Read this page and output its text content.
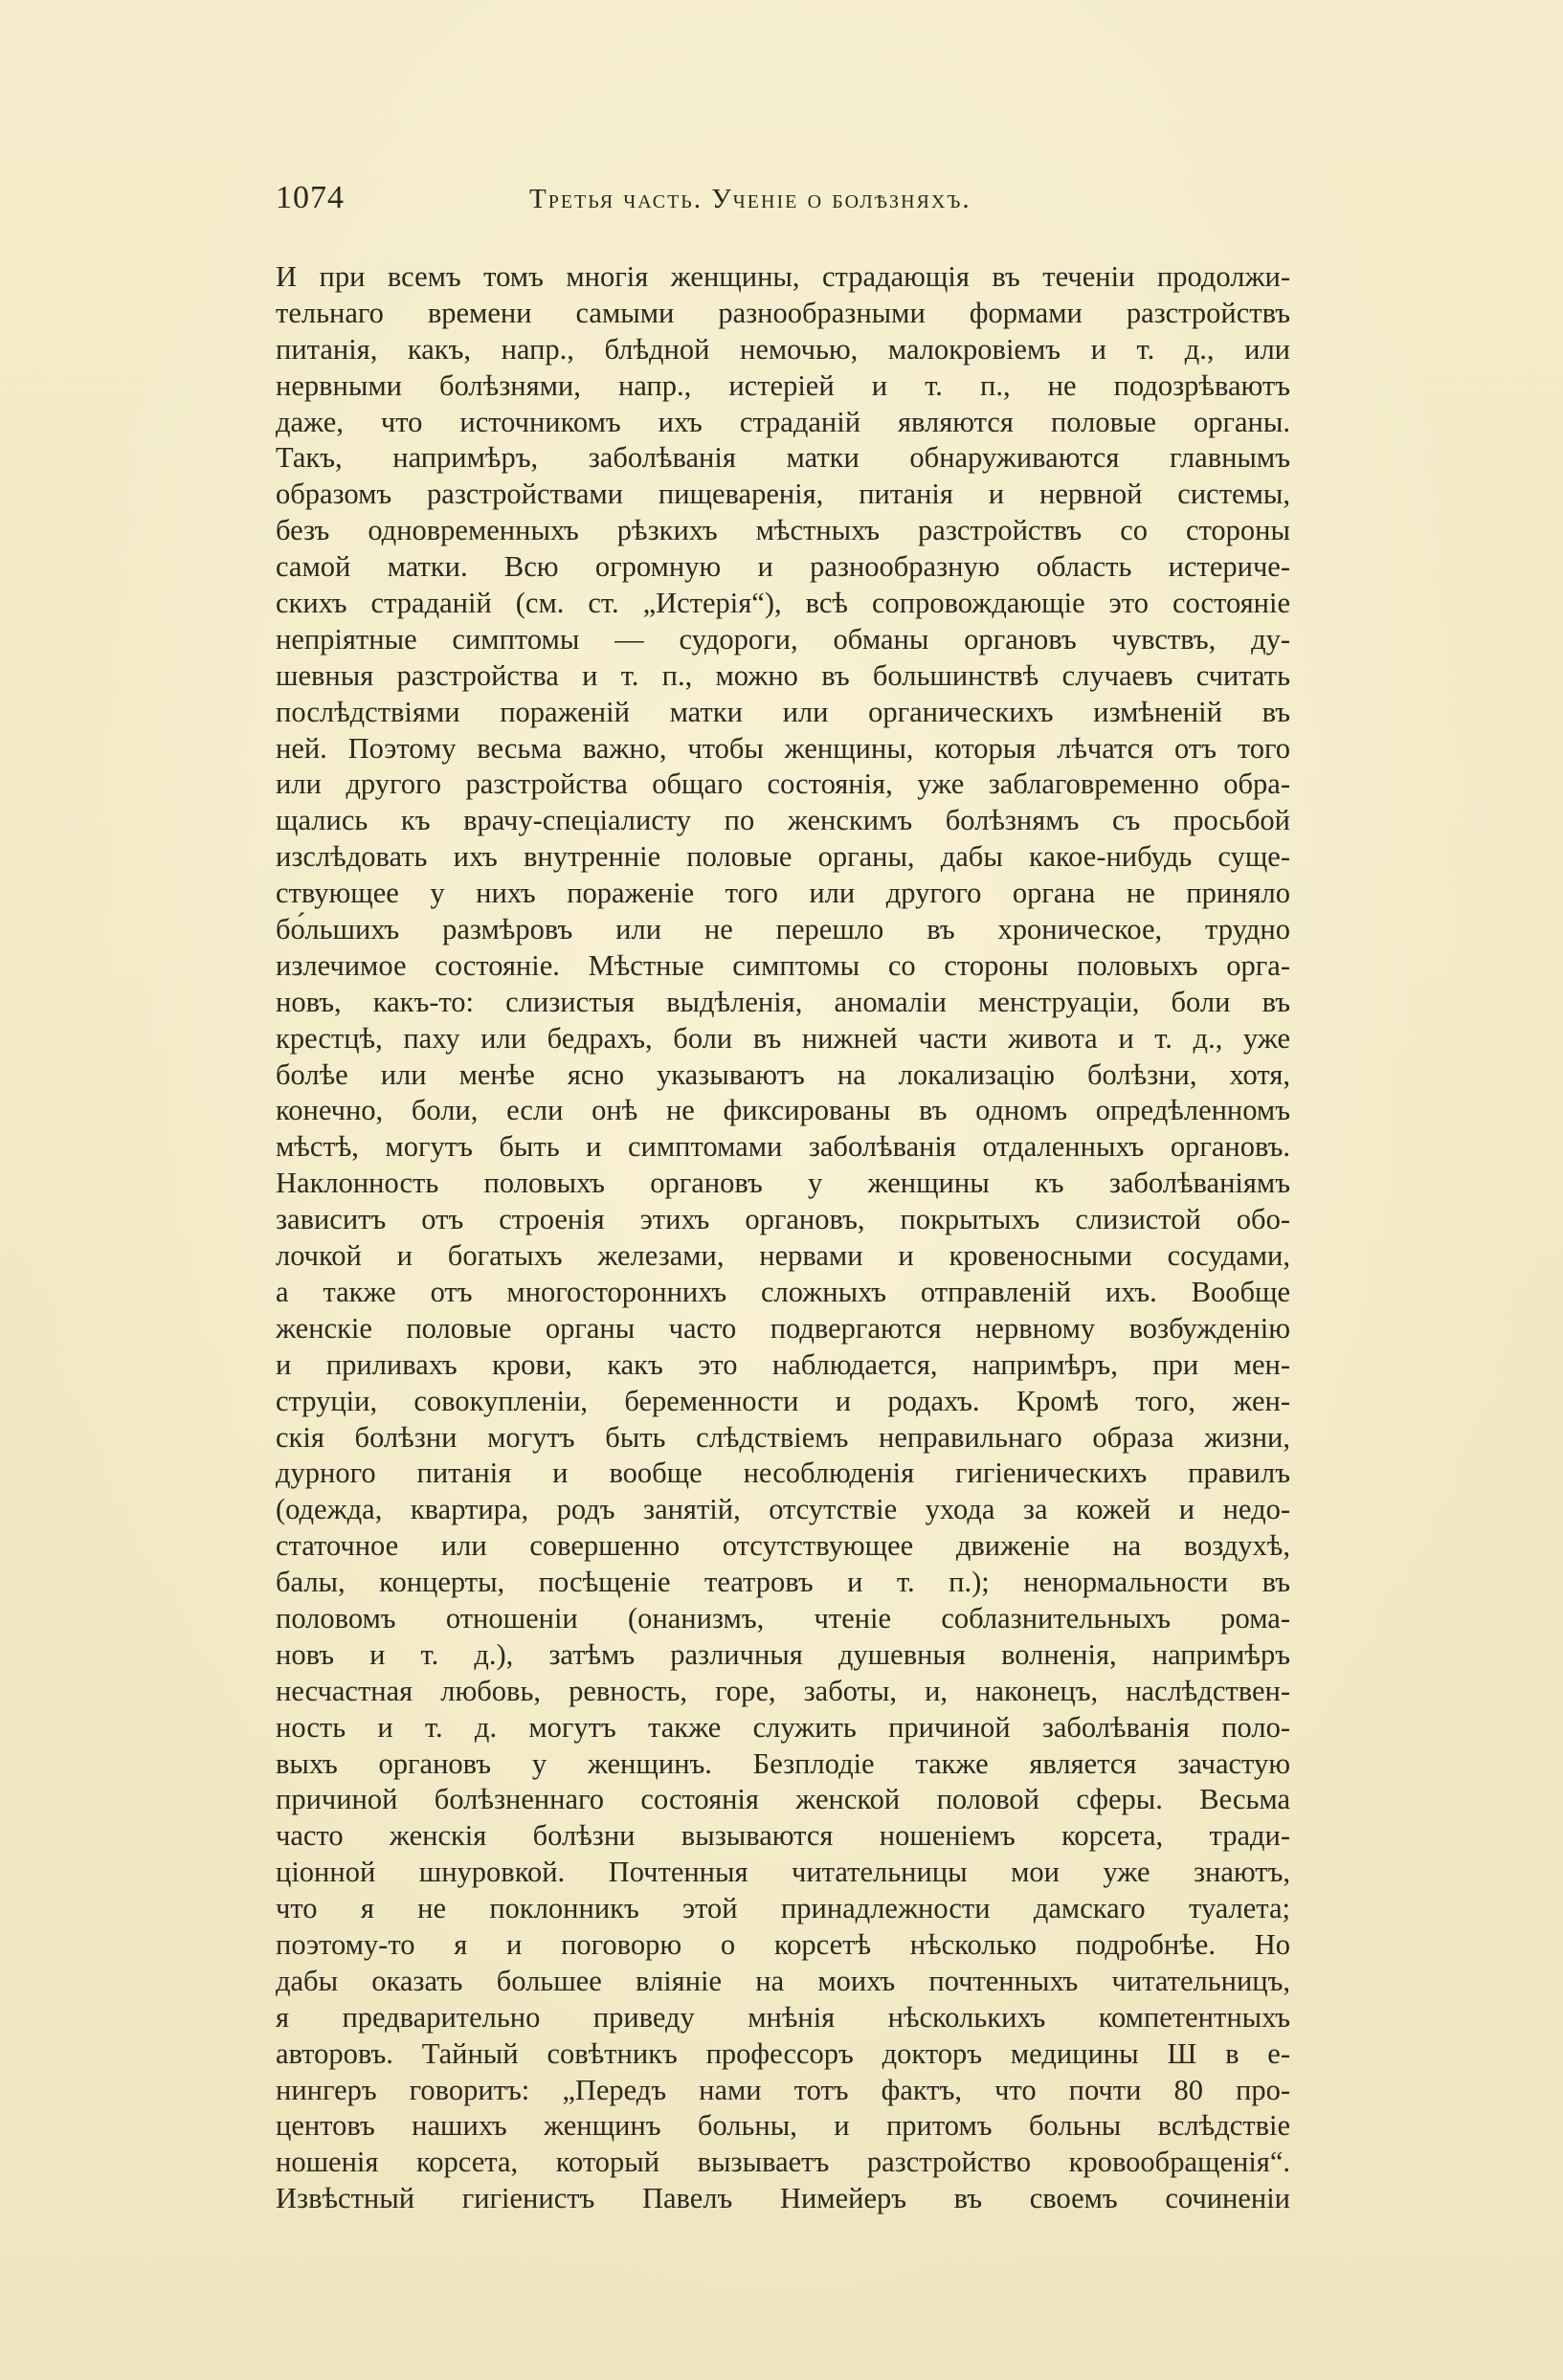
1074	Третья часть. Ученіе о болѣзняхъ.
И при всемъ томъ многія женщины, страдающія въ теченіи продолжи-
тельнаго времени самыми разнообразными формами разстройствъ
питанія, какъ, напр., блѣдной немочью, малокровіемъ и т. д., или
нервными болѣзнями, напр., истеріей и т. п., не подозрѣваютъ
даже, что источникомъ ихъ страданій являются половые органы.
Такъ, напримѣръ, заболѣванія матки обнаруживаются главнымъ
образомъ разстройствами пищеваренія, питанія и нервной системы,
безъ одновременныхъ рѣзкихъ мѣстныхъ разстройствъ со стороны
самой матки. Всю огромную и разнообразную область истериче-
скихъ страданій (см. ст. „Истерія“), всѣ сопровождающіе это состояніе
непріятные симптомы — судороги, обманы органовъ чувствъ, ду-
шевныя разстройства и т. п., можно въ большинствѣ случаевъ считать
послѣдствіями пораженій матки или органическихъ измѣненій въ
ней. Поэтому весьма важно, чтобы женщины, которыя лѣчатся отъ того
или другого разстройства общаго состоянія, уже заблаговременно обра-
щались къ врачу-спеціалисту по женскимъ болѣзнямъ съ просьбой
изслѣдовать ихъ внутренніе половые органы, дабы какое-нибудь суще-
ствующее у нихъ пораженіе того или другого органа не приняло
бо́льшихъ размѣровъ или не перешло въ хроническое, трудно
излечимое состояніе. Мѣстные симптомы со стороны половыхъ орга-
новъ, какъ-то: слизистыя выдѣленія, аномаліи менструаціи, боли въ
крестцѣ, паху или бедрахъ, боли въ нижней части живота и т. д., уже
болѣе или менѣе ясно указываютъ на локализацію болѣзни, хотя,
конечно, боли, если онѣ не фиксированы въ одномъ опредѣленномъ
мѣстѣ, могутъ быть и симптомами заболѣванія отдаленныхъ органовъ.
Наклонность половыхъ органовъ у женщины къ заболѣваніямъ
зависитъ отъ строенія этихъ органовъ, покрытыхъ слизистой обо-
лочкой и богатыхъ железами, нервами и кровеносными сосудами,
а также отъ многостороннихъ сложныхъ отправленій ихъ. Вообще
женскіе половые органы часто подвергаются нервному возбужденію
и приливахъ крови, какъ это наблюдается, напримѣръ, при мен-
струціи, совокупленіи, беременности и родахъ. Кромѣ того, жен-
скія болѣзни могутъ быть слѣдствіемъ неправильнаго образа жизни,
дурного питанія и вообще несоблюденія гигіеническихъ правилъ
(одежда, квартира, родъ занятій, отсутствіе ухода за кожей и недо-
статочное или совершенно отсутствующее движеніе на воздухѣ,
балы, концерты, посѣщеніе театровъ и т. п.); ненормальности въ
половомъ отношеніи (онанизмъ, чтеніе соблазнительныхъ рома-
новъ и т. д.), затѣмъ различныя душевныя волненія, напримѣръ
несчастная любовь, ревность, горе, заботы, и, наконецъ, наслѣдствен-
ность и т. д. могутъ также служить причиной заболѣванія поло-
выхъ органовъ у женщинъ. Безплодіе также является зачастую
причиной болѣзненнаго состоянія женской половой сферы. Весьма
часто женскія болѣзни вызываются ношеніемъ корсета, тради-
ціонной шнуровкой. Почтенныя читательницы мои уже знаютъ,
что я не поклонникъ этой принадлежности дамскаго туалета;
поэтому-то я и поговорю о корсетѣ нѣсколько подробнѣе. Но
дабы оказать большее вліяніе на моихъ почтенныхъ читательницъ,
я предварительно приведу мнѣнія нѣсколькихъ компетентныхъ
авторовъ. Тайный совѣтникъ профессоръ докторъ медицины Ш в е-
нингеръ говоритъ: „Передъ нами тотъ фактъ, что почти 80 про-
центовъ нашихъ женщинъ больны, и притомъ больны вслѣдствіе
ношенія корсета, который вызываетъ разстройство кровообращенія“.
Извѣстный гигіенистъ Павелъ Нимейеръ въ своемъ сочиненіи
